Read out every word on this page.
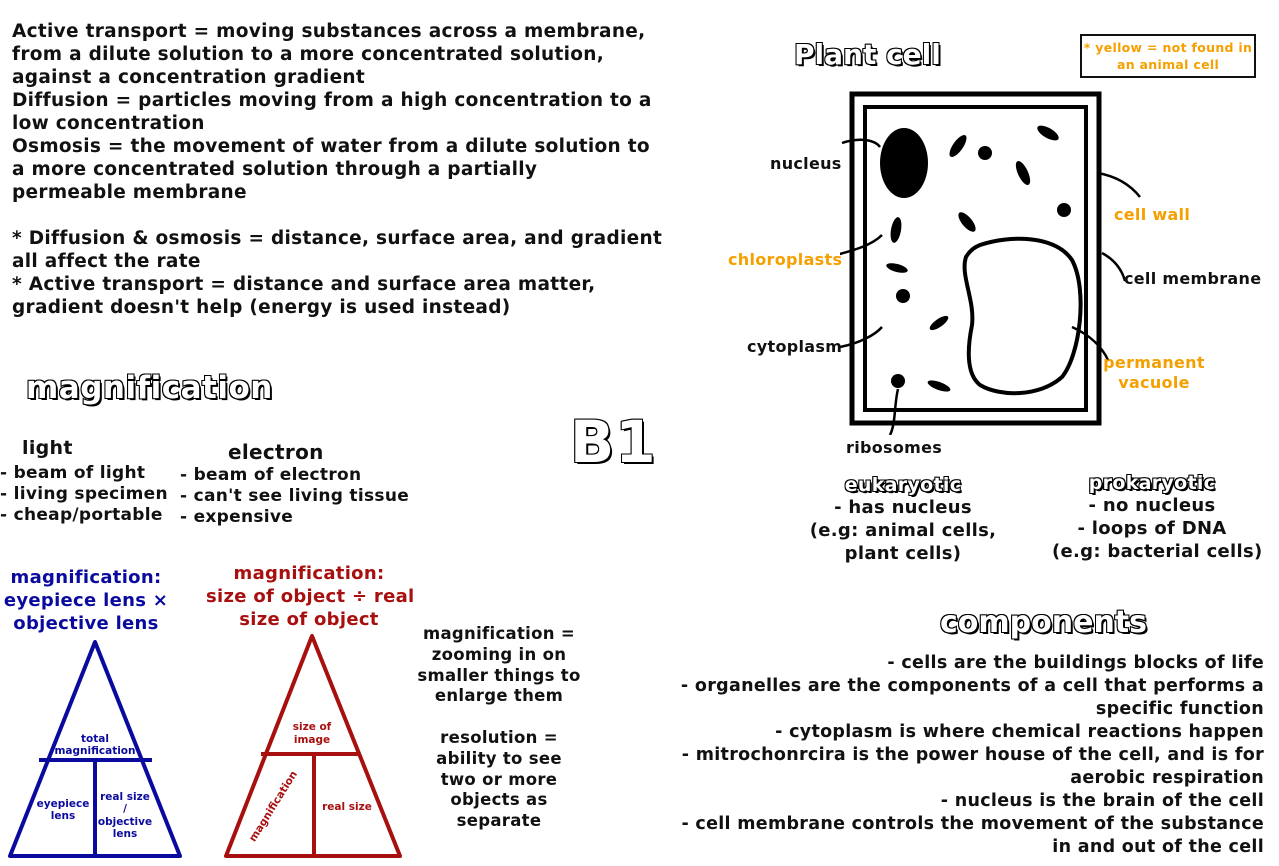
Active transport = moving substances across a membrane,
from a dilute solution to a more concentrated solution,
against a concentration gradient
Diffusion = particles moving from a high concentration to a
low concentration
Osmosis = the movement of water from a dilute solution to
a more concentrated solution through a partially
permeable membrane
* Diffusion & osmosis = distance, surface area, and gradient
all affect the rate
* Active transport = distance and surface area matter,
gradient doesn't help (energy is used instead)
magnification
light
- beam of light
- living specimen
- cheap/portable
electron
- beam of electron
- can't see living tissue
- expensive
magnification:
eyepiece lens ×
objective lens
magnification:
size of object ÷ real
size of object
total
magnification
eyepiece
lens
real size
/
objective
lens
size of
image
magnification real size
magnification =
zooming in on
smaller things to
enlarge them
resolution =
ability to see
two or more
objects as
separate
B1
Plant cell	* yellow = not found in
an animal cell
nucleus
chloroplasts
cytoplasm
ribosomes
cell wall
cell membrane
permanent
vacuole
eukaryotic
- has nucleus
(e.g: animal cells,
plant cells)
prokaryotic
- no nucleus
- loops of DNA
(e.g: bacterial cells)
components
- cells are the buildings blocks of life
- organelles are the components of a cell that performs a
specific function
- cytoplasm is where chemical reactions happen
- mitrochonrcira is the power house of the cell, and is for
aerobic respiration
- nucleus is the brain of the cell
- cell membrane controls the movement of the substance
in and out of the cell
